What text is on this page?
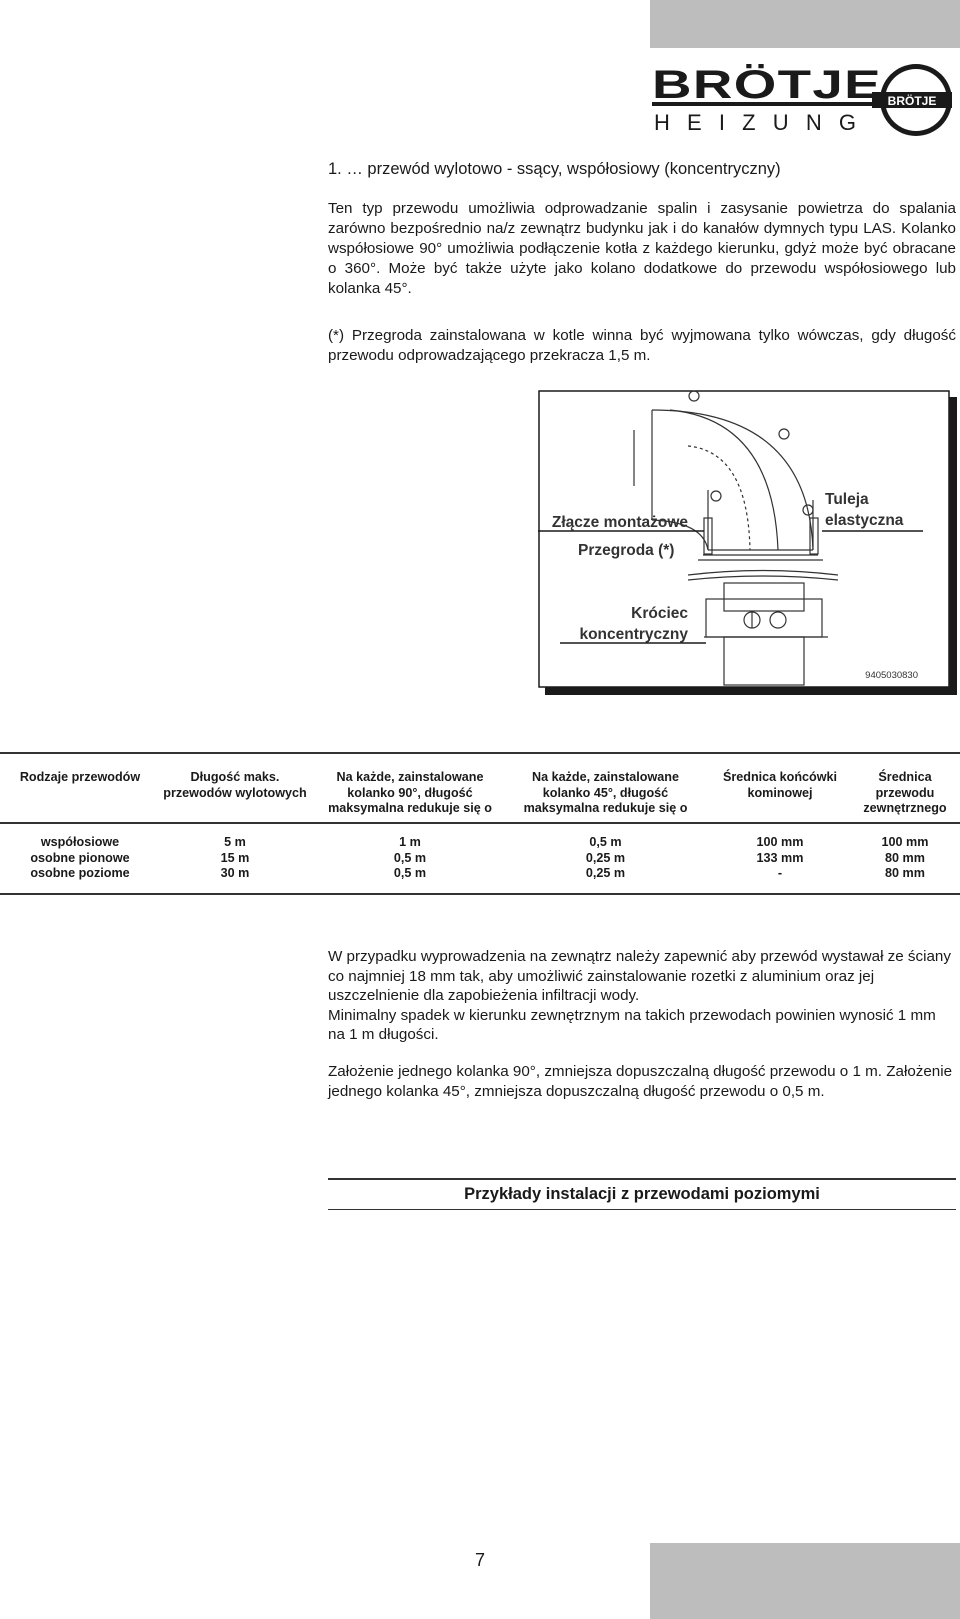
BRÖTJE
HEIZUNG
BRÖTJE
1. … przewód wylotowo - ssący, współosiowy (koncentryczny)
Ten typ przewodu umożliwia odprowadzanie spalin i zasysanie powietrza do spalania zarówno bezpośrednio na/z zewnątrz budynku jak i do kanałów dymnych typu LAS. Kolanko współosiowe 90° umożliwia podłączenie kotła z każdego kierunku, gdyż może być obracane o 360°. Może być także użyte jako kolano dodatkowe do przewodu współosiowego lub kolanka 45°.
(*) Przegroda zainstalowana w kotle winna być wyjmowana tylko wówczas, gdy długość przewodu odprowadzającego przekracza 1,5 m.
Złącze montażowe
Przegroda (*)
Tuleja
elastyczna
Króciec
koncentryczny
9405030830
Rodzaje przewodów	Długość maks.
przewodów wylotowych
Na każde, zainstalowane
kolanko 90°, długość
maksymalna redukuje się o
Na każde, zainstalowane
kolanko 45°, długość
maksymalna redukuje się o
Średnica końcówki
kominowej
Średnica
przewodu
zewnętrznego
współosiowe
osobne pionowe
osobne poziome
5 m
15 m
30 m
1 m
0,5 m
0,5 m
0,5 m
0,25 m
0,25 m
100 mm
133 mm
-
100 mm
80 mm
80 mm
W przypadku wyprowadzenia na zewnątrz należy zapewnić aby przewód wystawał ze ściany co najmniej 18 mm tak, aby umożliwić zainstalowanie rozetki z aluminium oraz jej uszczelnienie dla zapobieżenia infiltracji wody.
Minimalny spadek w kierunku zewnętrznym na takich przewodach powinien wynosić 1 mm na 1 m długości.
Założenie jednego kolanka 90°, zmniejsza dopuszczalną długość przewodu o 1 m. Założenie jednego kolanka 45°, zmniejsza dopuszczalną długość przewodu o 0,5 m.
Przykłady instalacji z przewodami poziomymi
7
